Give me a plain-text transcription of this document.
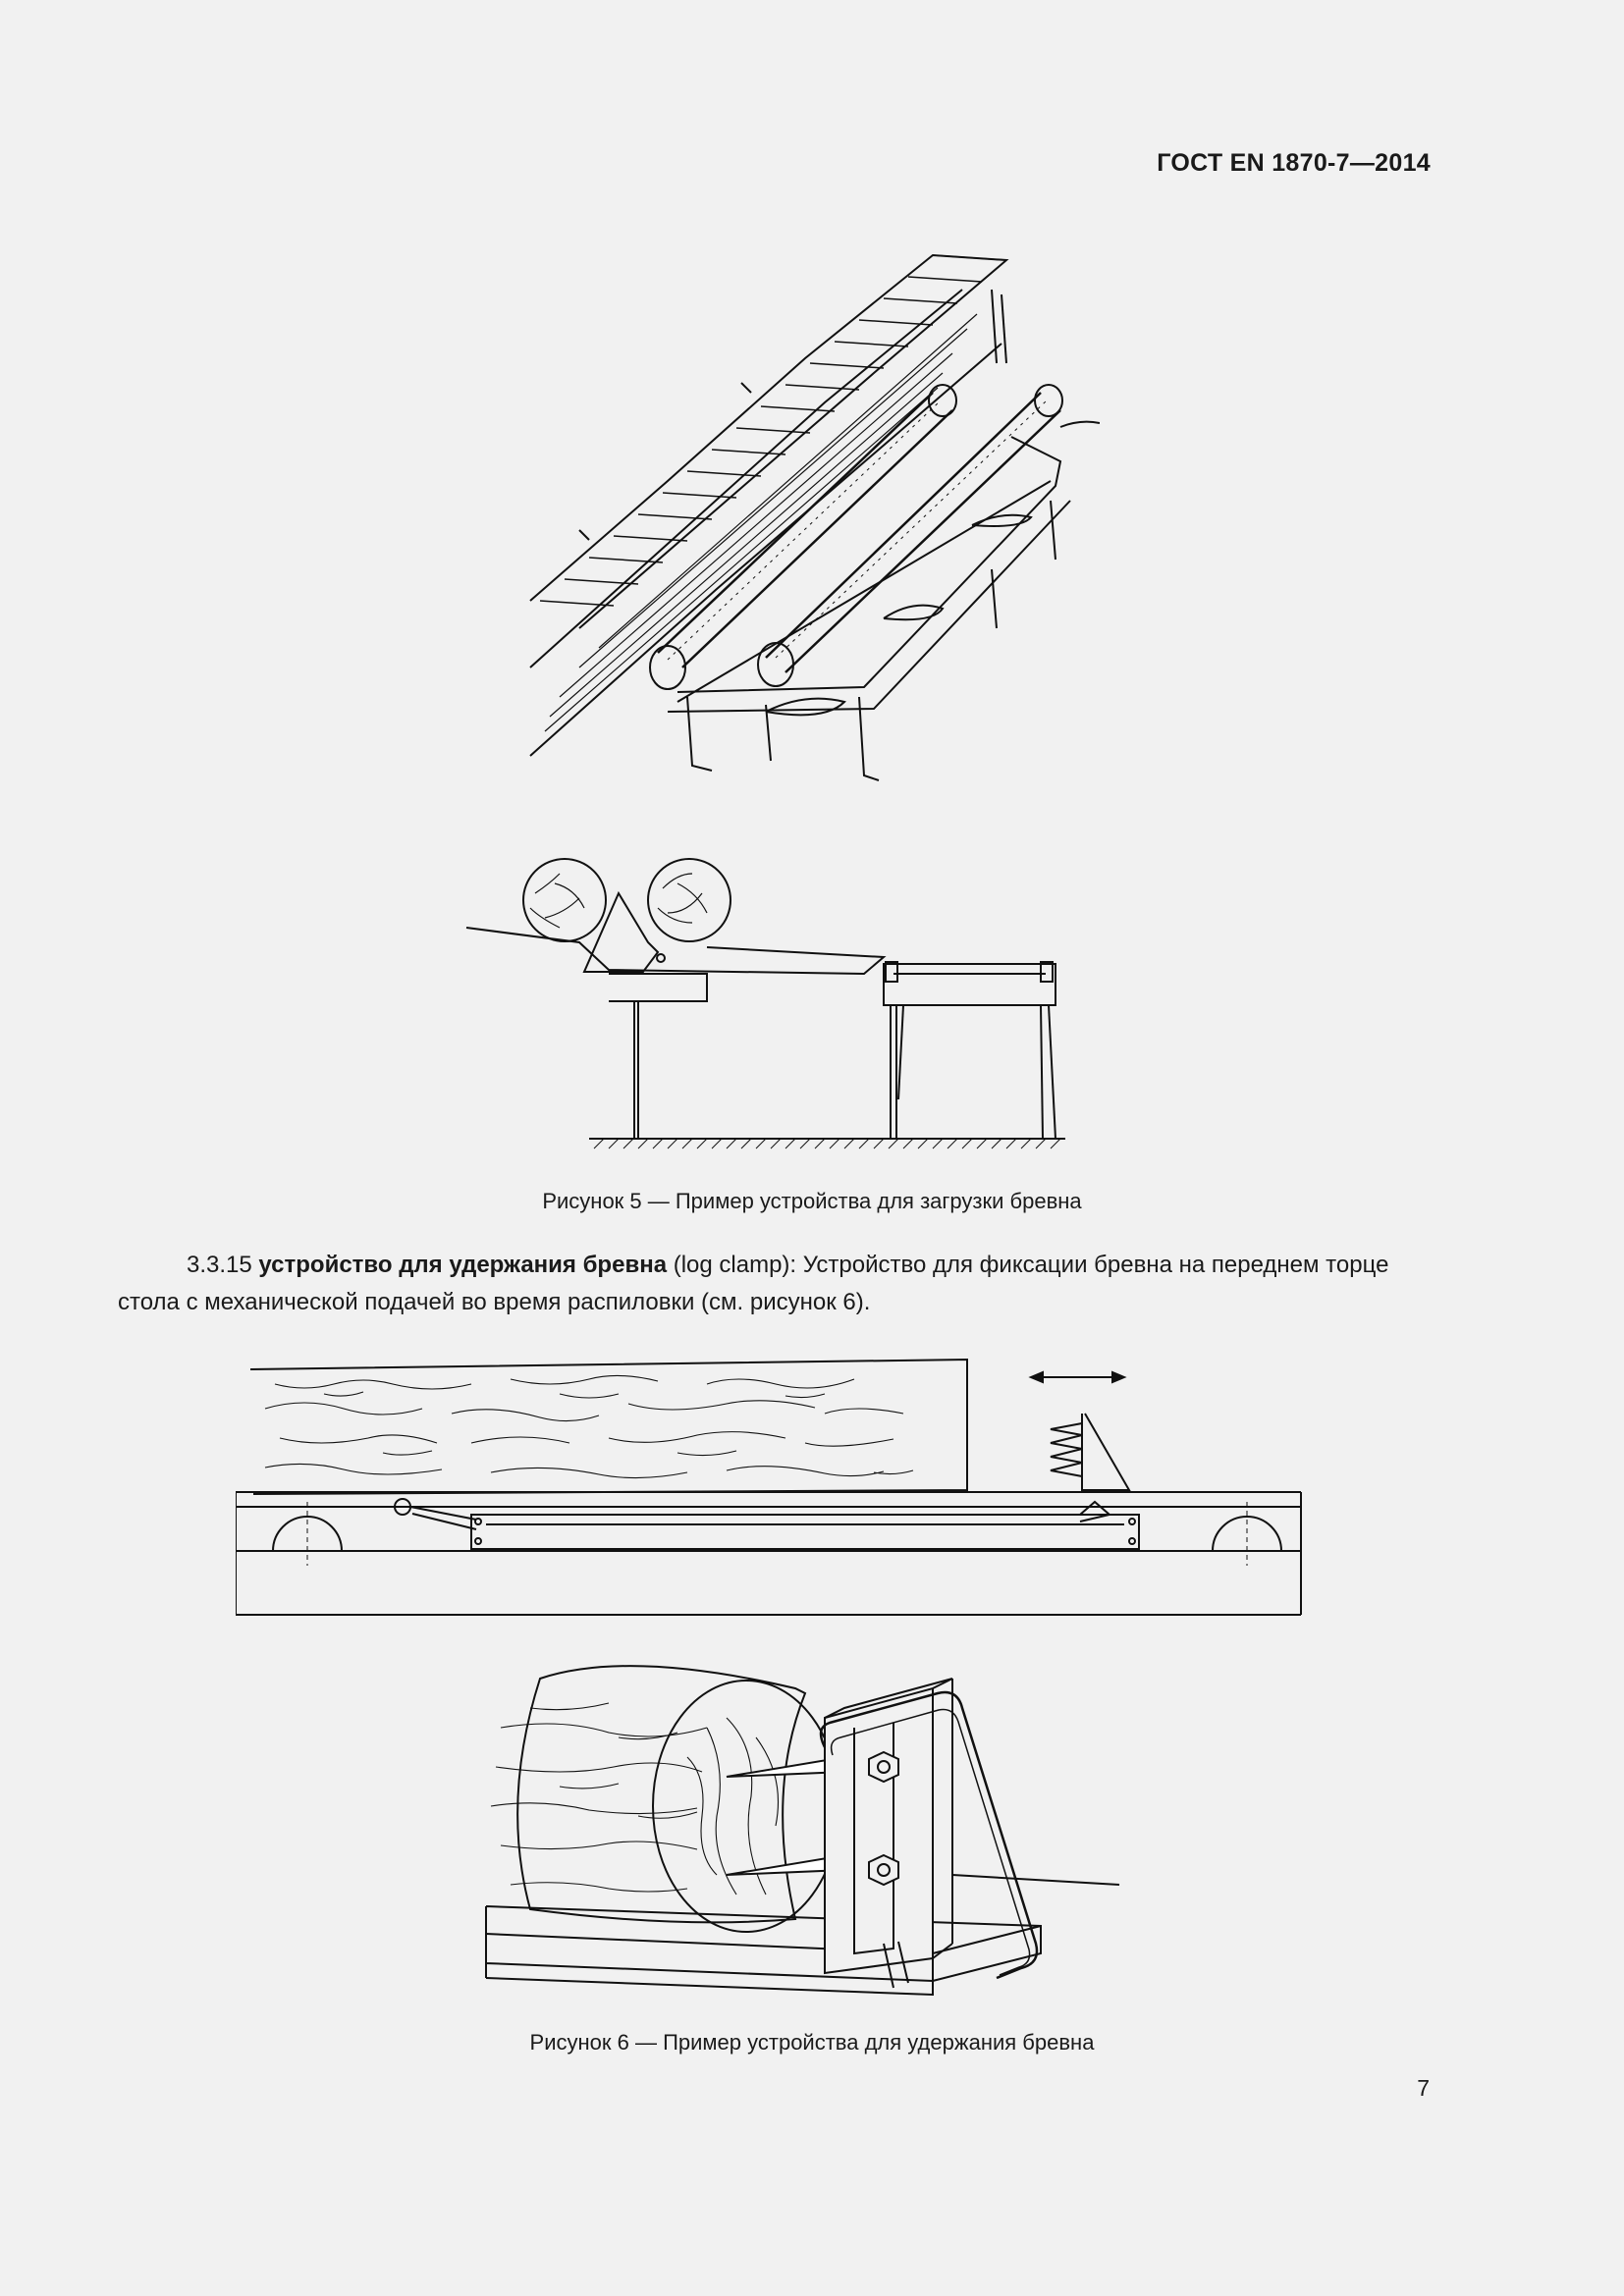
ГОСТ EN 1870-7—2014
Рисунок 5 — Пример устройства для загрузки бревна
3.3.15 устройство для удержания бревна (log clamp): Устройство для фиксации бревна на переднем торце стола с механической подачей во время распиловки (см. рисунок 6).
Рисунок 6 — Пример устройства для удержания бревна
7
